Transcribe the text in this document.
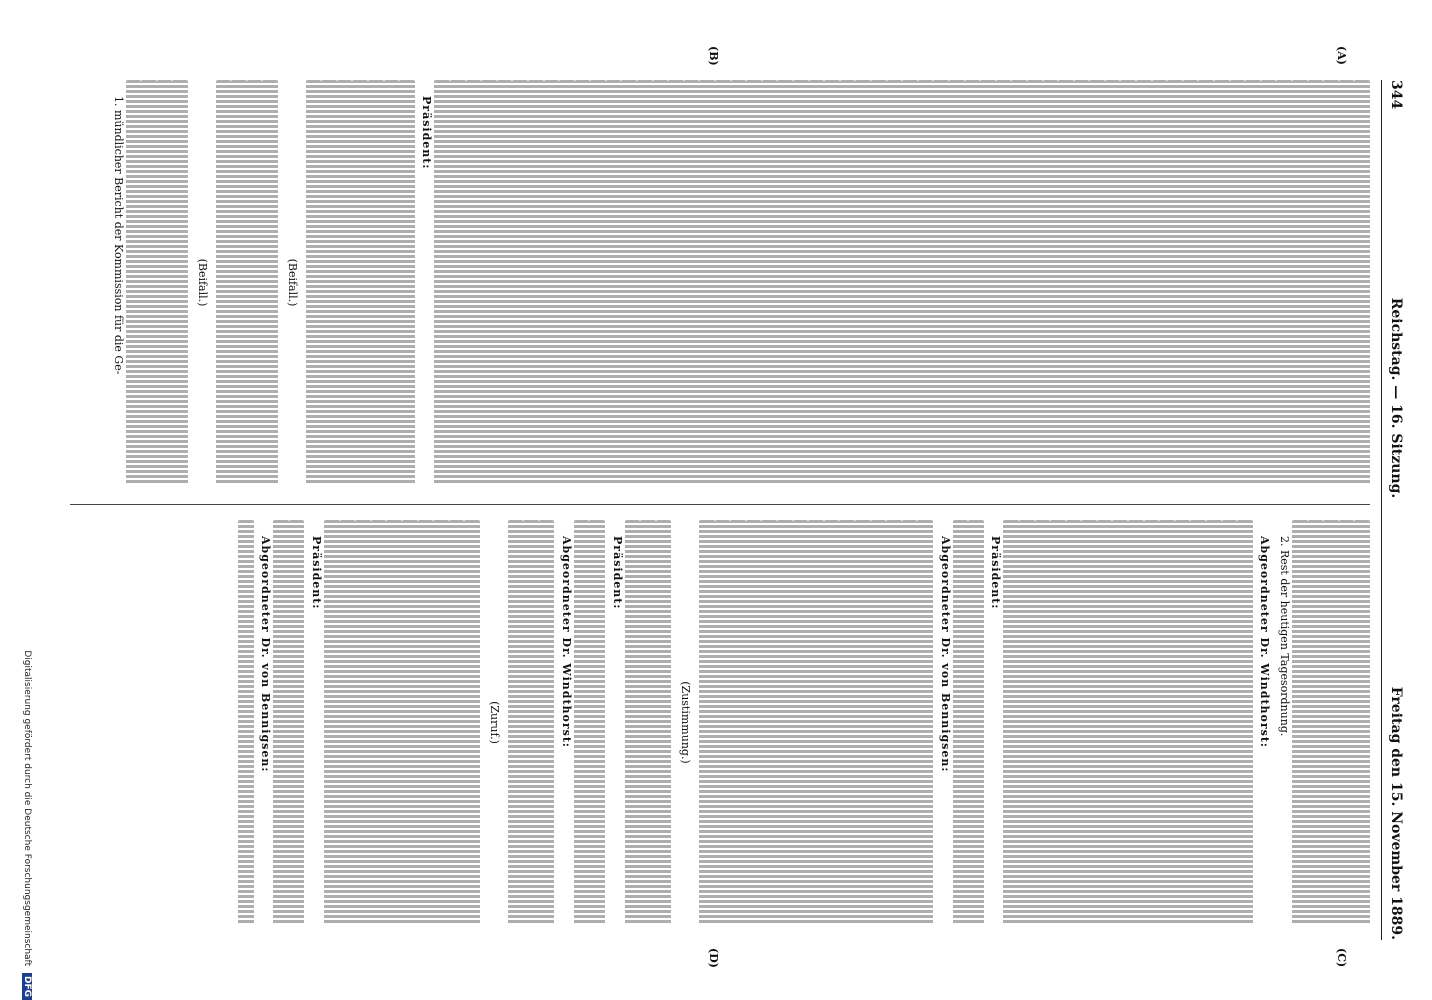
344
Reichstag. — 16. Sitzung.
Freitag den 15. November 1889.

Präsident:

(Beifall.)

(Beifall.)

1. mündlicher Bericht der Kommission für die Ge-

2. Rest der heutigen Tagesordnung.

Abgeordneter Dr. Windthorst:

Präsident:

Abgeordneter Dr. von Bennigsen:

(Zustimmung.)

Präsident:

Abgeordneter Dr. Windthorst:

(Zuruf.)

Präsident:

Abgeordneter Dr. von Bennigsen:

(A)
(B)
(C)
(D)
Digitalisierung gefördert durch die Deutsche Forschungsgemeinschaft DFG
